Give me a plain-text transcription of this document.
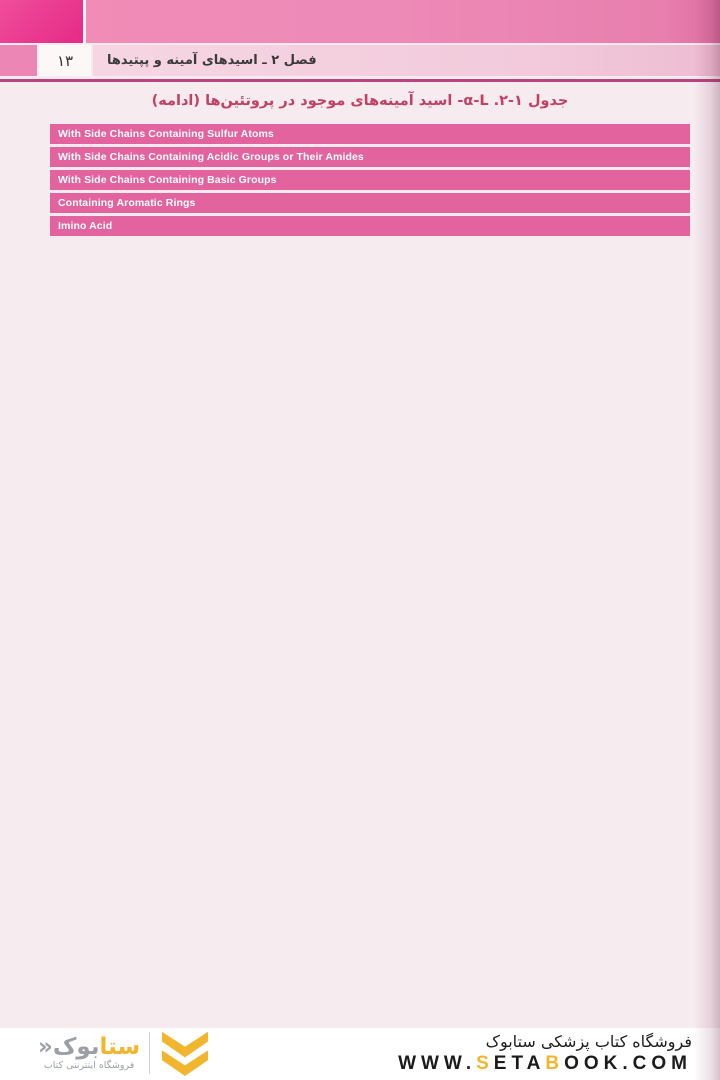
۱۳	فصل ۲ ـ اسیدهای آمینه و پپتیدها
جدول ۱-۲. α-L- اسید آمینه‌های موجود در پروتئین‌ها (ادامه)
With Side Chains Containing Sulfur Atoms
With Side Chains Containing Acidic Groups or Their Amides
With Side Chains Containing Basic Groups
Containing Aromatic Rings
Imino Acid
ستابوک«
فروشگاه اینترنتی کتاب
فروشگاه کتاب پزشکی ستابوک
WWW.SETABOOK.COM
